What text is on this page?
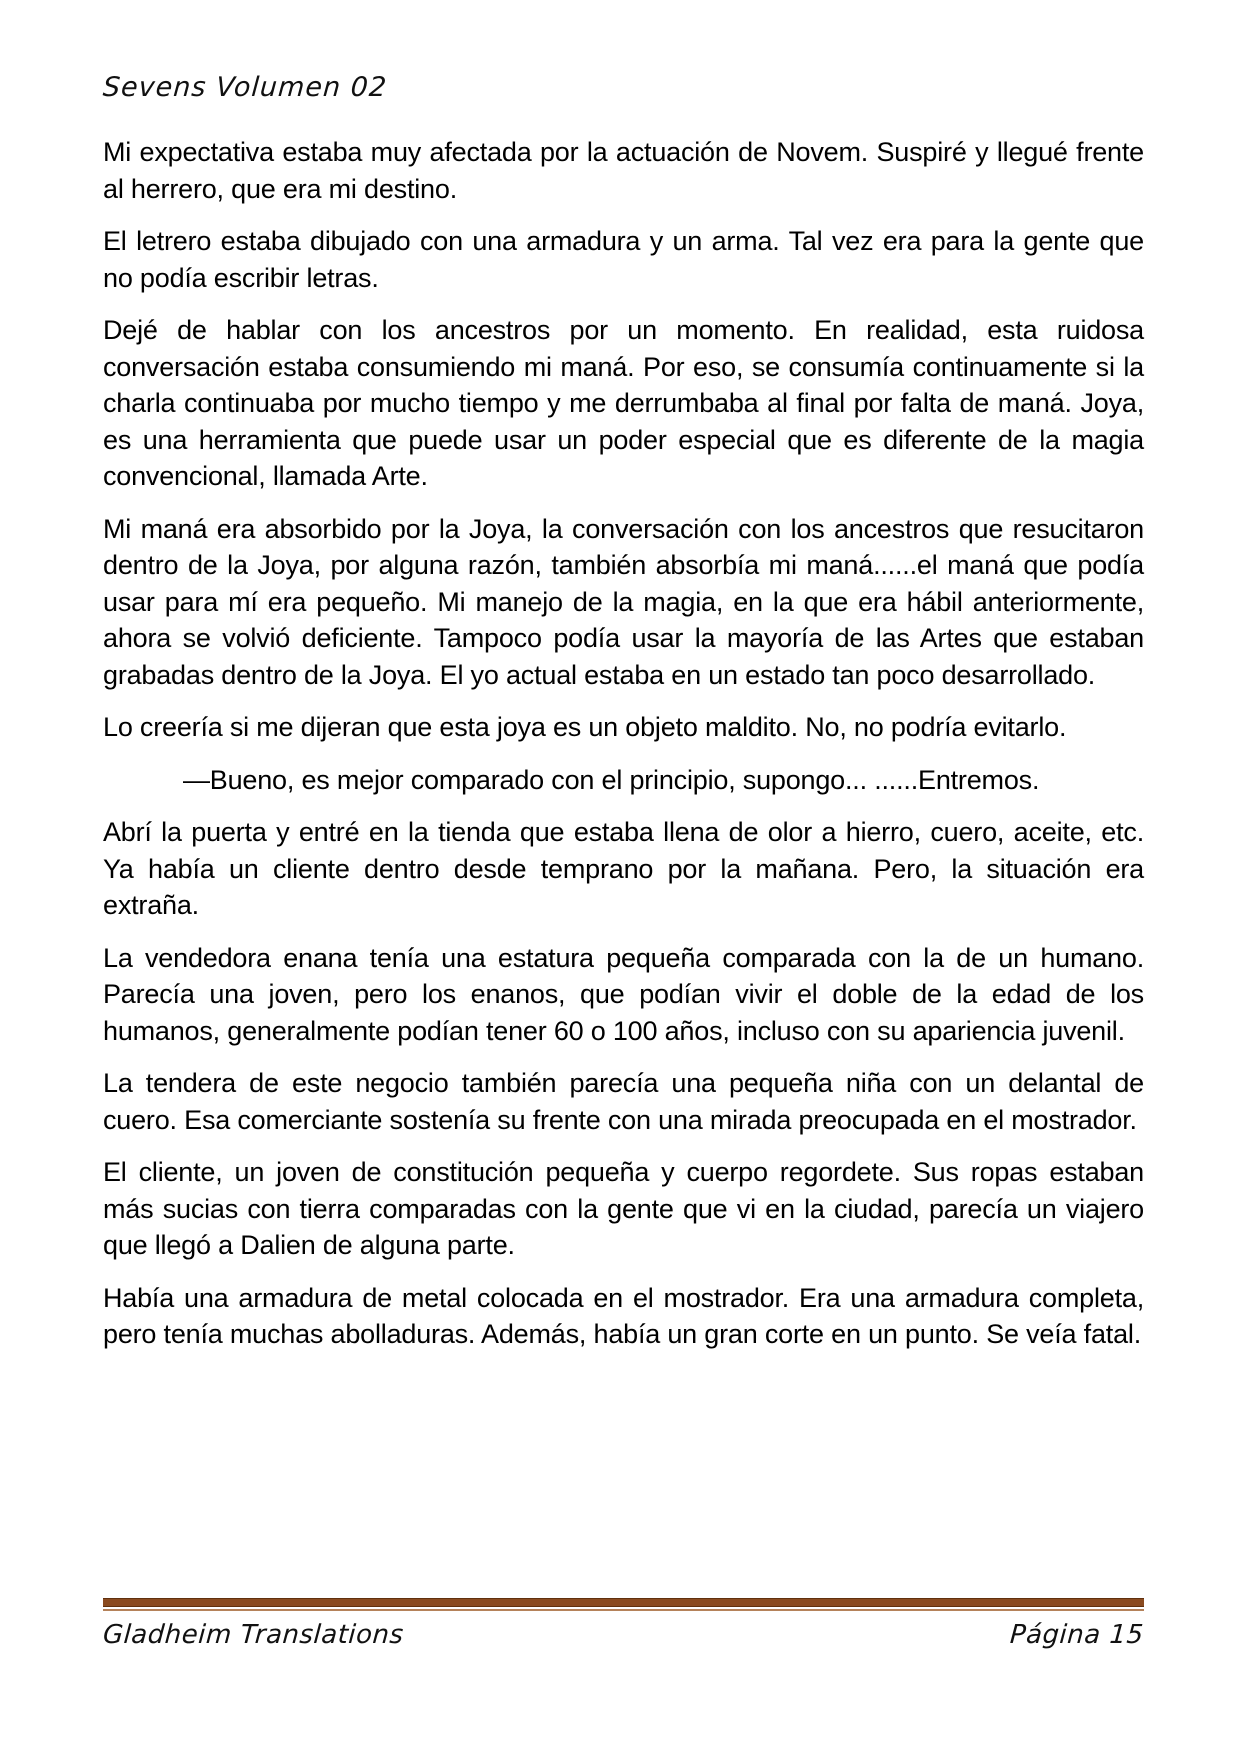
Sevens Volumen 02

Mi expectativa estaba muy afectada por la actuación de Novem. Suspiré y llegué frente al herrero, que era mi destino.

El letrero estaba dibujado con una armadura y un arma. Tal vez era para la gente que no podía escribir letras.

Dejé de hablar con los ancestros por un momento. En realidad, esta ruidosa conversación estaba consumiendo mi maná. Por eso, se consumía continuamente si la charla continuaba por mucho tiempo y me derrumbaba al final por falta de maná. Joya, es una herramienta que puede usar un poder especial que es diferente de la magia convencional, llamada Arte.

Mi maná era absorbido por la Joya, la conversación con los ancestros que resucitaron dentro de la Joya, por alguna razón, también absorbía mi maná......el maná que podía usar para mí era pequeño. Mi manejo de la magia, en la que era hábil anteriormente, ahora se volvió deficiente. Tampoco podía usar la mayoría de las Artes que estaban grabadas dentro de la Joya. El yo actual estaba en un estado tan poco desarrollado.

Lo creería si me dijeran que esta joya es un objeto maldito. No, no podría evitarlo.

—Bueno, es mejor comparado con el principio, supongo... ......Entremos.

Abrí la puerta y entré en la tienda que estaba llena de olor a hierro, cuero, aceite, etc. Ya había un cliente dentro desde temprano por la mañana. Pero, la situación era extraña.

La vendedora enana tenía una estatura pequeña comparada con la de un humano. Parecía una joven, pero los enanos, que podían vivir el doble de la edad de los humanos, generalmente podían tener 60 o 100 años, incluso con su apariencia juvenil.

La tendera de este negocio también parecía una pequeña niña con un delantal de cuero. Esa comerciante sostenía su frente con una mirada preocupada en el mostrador.

El cliente, un joven de constitución pequeña y cuerpo regordete. Sus ropas estaban más sucias con tierra comparadas con la gente que vi en la ciudad, parecía un viajero que llegó a Dalien de alguna parte.

Había una armadura de metal colocada en el mostrador. Era una armadura completa, pero tenía muchas abolladuras. Además, había un gran corte en un punto. Se veía fatal.

Gladheim Translations	Página 15
